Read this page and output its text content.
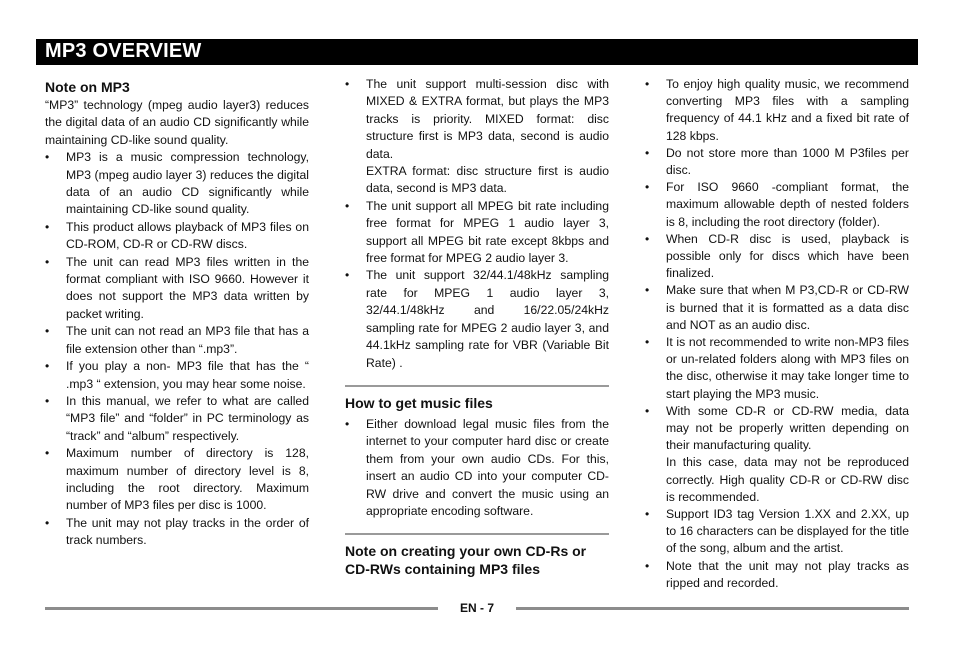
MP3 OVERVIEW
Note on MP3

“MP3” technology (mpeg audio layer3) reduces the digital data of an audio CD significantly while maintaining CD-like sound quality.

• MP3 is a music compression technology, MP3 (mpeg audio layer 3) reduces the digital data of an audio CD significantly while maintaining CD-like sound quality.
• This product allows playback of MP3 files on CD-ROM, CD-R or CD-RW discs.
• The unit can read MP3 files written in the format compliant with ISO 9660. However it does not support the MP3 data written by packet writing.
• The unit can not read an MP3 file that has a file extension other than “.mp3”.
• If you play a non- MP3 file that has the “ .mp3 “ extension, you may hear some noise.
• In this manual, we refer to what are called “MP3 file” and “folder” in PC terminology as “track” and “album” respectively.
• Maximum number of directory is 128, maximum number of directory level is 8, including the root directory. Maximum number of MP3 files per disc is 1000.
• The unit may not play tracks in the order of track numbers.
• The unit support multi-session disc with MIXED & EXTRA format, but plays the MP3 tracks is priority. MIXED format: disc structure first is MP3 data, second is audio data.
EXTRA format: disc structure first is audio data, second is MP3 data.
• The unit support all MPEG bit rate including free format for MPEG 1 audio layer 3, support all MPEG bit rate except 8kbps and free format for MPEG 2 audio layer 3.
• The unit support 32/44.1/48kHz sampling rate for MPEG 1 audio layer 3, 32/44.1/48kHz and 16/22.05/24kHz sampling rate for MPEG 2 audio layer 3, and 44.1kHz sampling rate for VBR (Variable Bit Rate) .
How to get music files
• Either download legal music files from the internet to your computer hard disc or create them from your own audio CDs. For this, insert an audio CD into your computer CD-RW drive and convert the music using an appropriate encoding software.
Note on creating your own CD-Rs or CD-RWs containing MP3 files
• To enjoy high quality music, we recommend converting MP3 files with a sampling frequency of 44.1 kHz and a fixed bit rate of 128 kbps.
• Do not store more than 1000 M P3files per disc.
• For ISO 9660 -compliant format, the maximum allowable depth of nested folders is 8, including the root directory (folder).
• When CD-R disc is used, playback is possible only for discs which have been finalized.
• Make sure that when M P3,CD-R or CD-RW is burned that it is formatted as a data disc and NOT as an audio disc.
• It is not recommended to write non-MP3 files or un-related folders along with MP3 files on the disc, otherwise it may take longer time to start playing the MP3 music.
• With some CD-R or CD-RW media, data may not be properly written depending on their manufacturing quality.
In this case, data may not be reproduced correctly. High quality CD-R or CD-RW disc is recommended.
• Support ID3 tag Version 1.XX and 2.XX, up to 16 characters can be displayed for the title of the song, album and the artist.
• Note that the unit may not play tracks as ripped and recorded.
EN - 7
